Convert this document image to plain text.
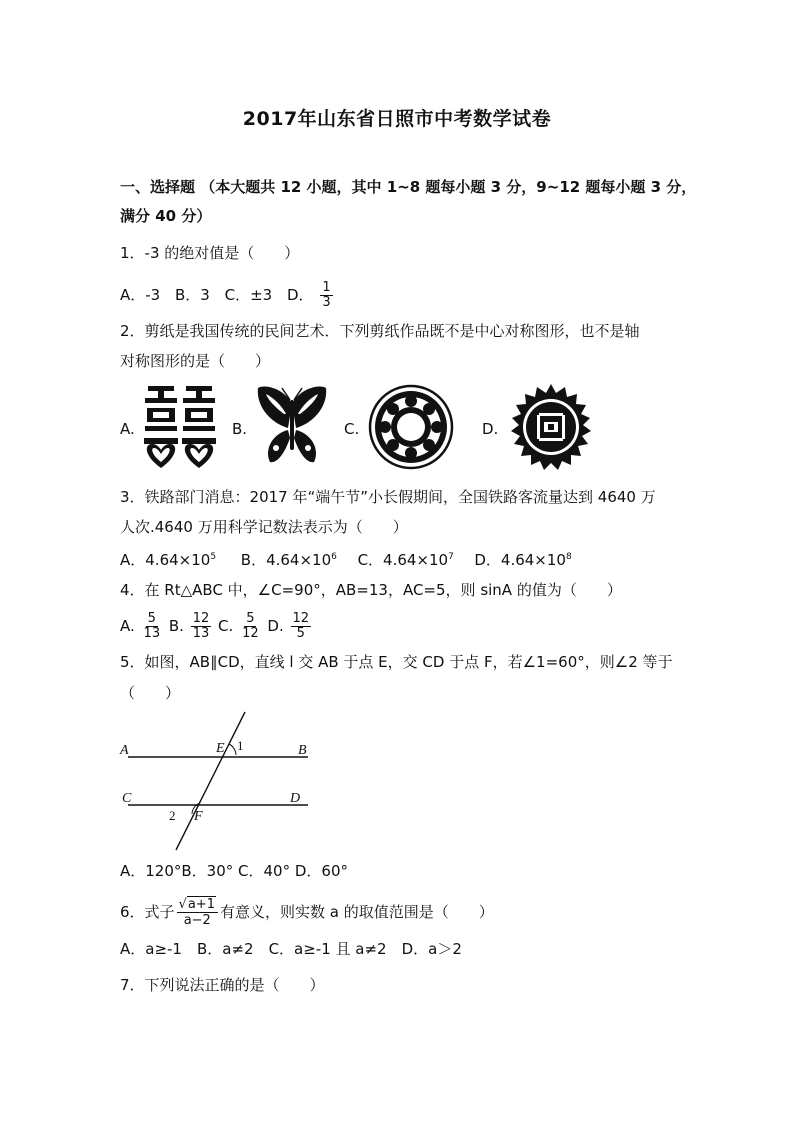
2017年山东省日照市中考数学试卷
一、选择题 （本大题共 12 小题，其中 1~8 题每小题 3 分，9~12 题每小题 3 分，
满分 40 分）
1．-3 的绝对值是（　　）
A．-3 B．3 C．±3 D． $\frac{1}{3}$
2．剪纸是我国传统的民间艺术．下列剪纸作品既不是中心对称图形，也不是轴
对称图形的是（　　）
A.	B.	C.	D.
3．铁路部门消息：2017 年“端午节”小长假期间，全国铁路客流量达到 4640 万
人次.4640 万用科学记数法表示为（　　）
A．$4.64\times 10^5$ B．$4.64\times 10^6$ C．$4.64\times 10^7$ D．$4.64\times 10^8$
4．在 Rt△ABC 中，∠C=90°，AB=13，AC=5，则 sinA 的值为（　　）
A. $\frac{5}{13} B$. $\frac{12}{13} C$. $\frac{5}{12} D$. $\frac{12}{5}$
5．如图，AB∥CD，直线 l 交 AB 于点 E，交 CD 于点 F，若∠1=60°，则∠2 等于
（　　）
A	B
C	D
E
F
1
2
A．120°B．30° C．40° D．60°
6．式子 $\frac{√a+1}{a-2}$ 有意义，则实数 a 的取值范围是（　　）
A．a≥-1　B．a≠2　C．a≥-1 且 a≠2　D．a＞2
7．下列说法正确的是（　　）
